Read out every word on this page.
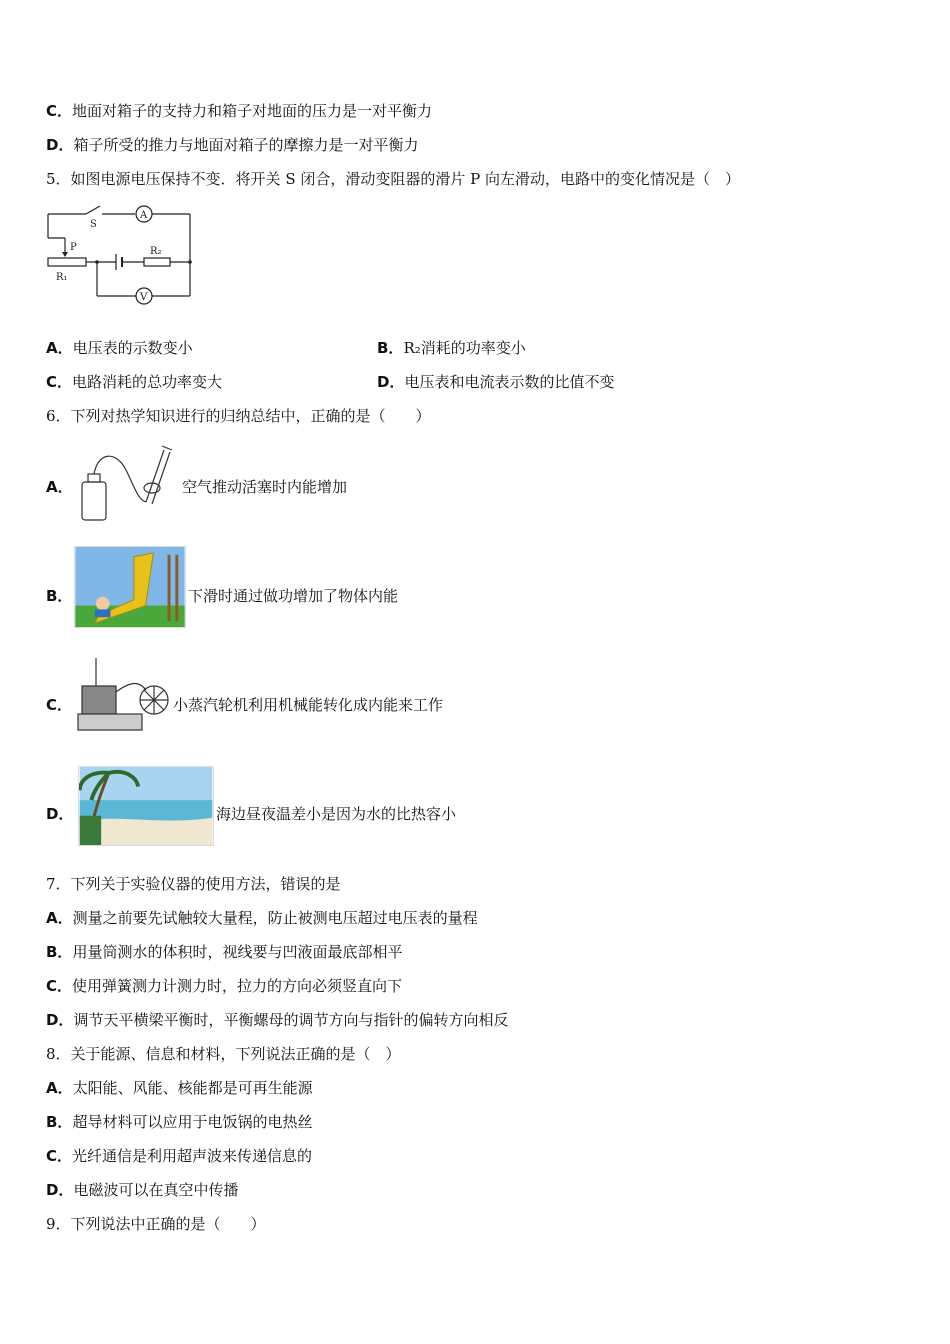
C．地面对箱子的支持力和箱子对地面的压力是一对平衡力
D．箱子所受的推力与地面对箱子的摩擦力是一对平衡力
5．如图电源电压保持不变．将开关 S 闭合，滑动变阻器的滑片 P 向左滑动，电路中的变化情况是（　）
S
A
V
P
R₁
R₂
A．电压表的示数变小	B．R₂消耗的功率变小
C．电路消耗的总功率变大	D．电压表和电流表示数的比值不变
6．下列对热学知识进行的归纳总结中，正确的是（　　）
A．	空气推动活塞时内能增加
B．	下滑时通过做功增加了物体内能
C．	小蒸汽轮机利用机械能转化成内能来工作
D．	海边昼夜温差小是因为水的比热容小
7．下列关于实验仪器的使用方法，错误的是
A．测量之前要先试触较大量程，防止被测电压超过电压表的量程
B．用量筒测水的体积时，视线要与凹液面最底部相平
C．使用弹簧测力计测力时，拉力的方向必须竖直向下
D．调节天平横梁平衡时，平衡螺母的调节方向与指针的偏转方向相反
8．关于能源、信息和材料，下列说法正确的是（　）
A．太阳能、风能、核能都是可再生能源
B．超导材料可以应用于电饭锅的电热丝
C．光纤通信是利用超声波来传递信息的
D．电磁波可以在真空中传播
9．下列说法中正确的是（　　）
